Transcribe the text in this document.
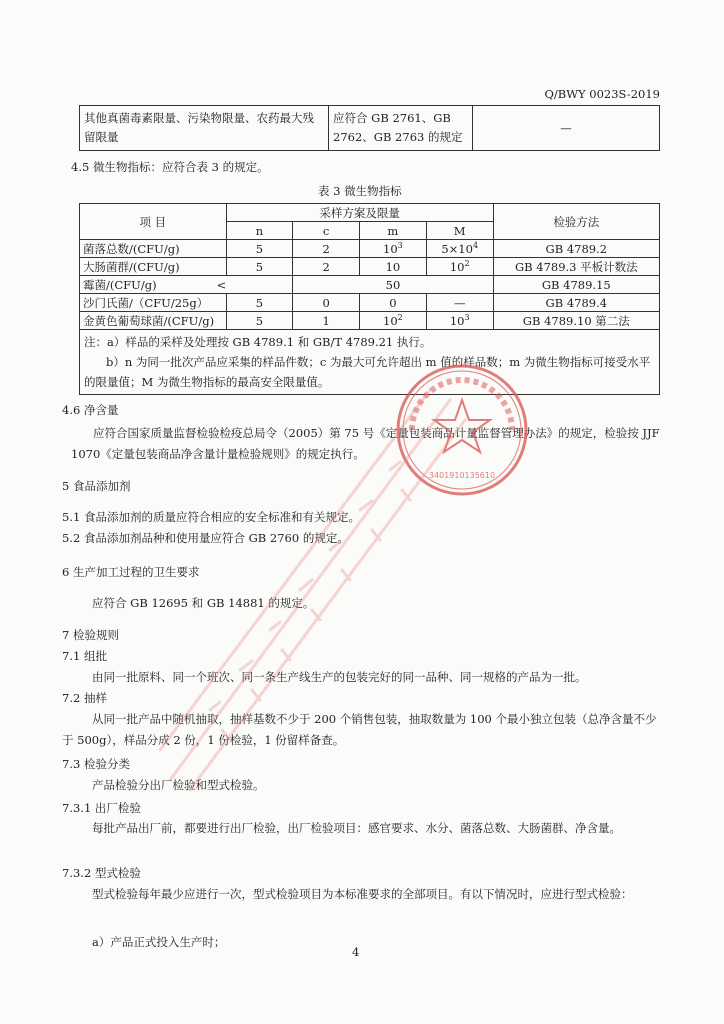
Q/BWY 0023S-2019
其他真菌毒素限量、污染物限量、农药最大残留限量	应符合 GB 2761、GB 2762、GB 2763 的规定	—
4.5 微生物指标：应符合表 3 的规定。
表 3 微生物指标
项 目	采样方案及限量				检验方法
	n	c	m	M	
菌落总数/(CFU/g)	5	2	$10^3$	$5\times 10^4$	GB 4789.2
大肠菌群/(CFU/g)	5	2	10	$10^2$	GB 4789.3 平板计数法
霉菌/(CFU/g) <		50			GB 4789.15
沙门氏菌/（CFU/25g）	5	0	0	—	GB 4789.4
金黄色葡萄球菌/(CFU/g)	5	1	$10^2$	$10^3$	GB 4789.10 第二法

注：a）样品的采样及处理按 GB 4789.1 和 GB/T 4789.21 执行。
b）n 为同一批次产品应采集的样品件数；c 为最大可允许超出 m 值的样品数；m 为微生物指标可接受水平的限量值；M 为微生物指标的最高安全限量值。					
4.6 净含量
应符合国家质量监督检验检疫总局令（2005）第 75 号《定量包装商品计量监督管理办法》的规定，检验按 JJF 1070《定量包装商品净含量计量检验规则》的规定执行。
5 食品添加剂
5.1 食品添加剂的质量应符合相应的安全标准和有关规定。
5.2 食品添加剂品种和使用量应符合 GB 2760 的规定。
6 生产加工过程的卫生要求
应符合 GB 12695 和 GB 14881 的规定。
7 检验规则
7.1 组批
由同一批原料、同一个班次、同一条生产线生产的包装完好的同一品种、同一规格的产品为一批。
7.2 抽样
从同一批产品中随机抽取，抽样基数不少于 200 个销售包装，抽取数量为 100 个最小独立包装（总净含量不少于 500g），样品分成 2 份，1 份检验，1 份留样备查。
7.3 检验分类
产品检验分出厂检验和型式检验。
7.3.1 出厂检验
每批产品出厂前，都要进行出厂检验，出厂检验项目：感官要求、水分、菌落总数、大肠菌群、净含量。
7.3.2 型式检验
型式检验每年最少应进行一次，型式检验项目为本标准要求的全部项目。有以下情况时，应进行型式检验：
a）产品正式投入生产时；
4
3401910135610
